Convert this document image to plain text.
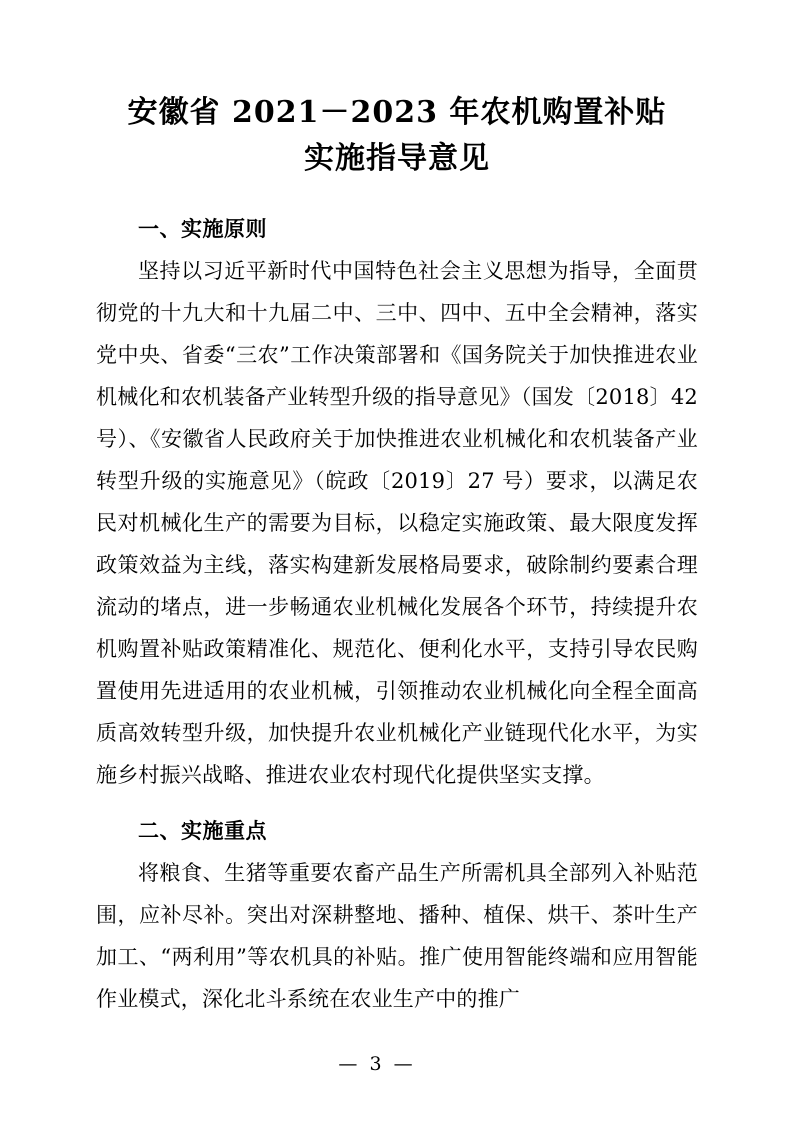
安徽省 2021－2023 年农机购置补贴
实施指导意见
一、实施原则

坚持以习近平新时代中国特色社会主义思想为指导，全面贯彻党的十九大和十九届二中、三中、四中、五中全会精神，落实党中央、省委“三农”工作决策部署和《国务院关于加快推进农业机械化和农机装备产业转型升级的指导意见》（国发〔2018〕42 号）、《安徽省人民政府关于加快推进农业机械化和农机装备产业转型升级的实施意见》（皖政〔2019〕27 号）要求，以满足农民对机械化生产的需要为目标，以稳定实施政策、最大限度发挥政策效益为主线，落实构建新发展格局要求，破除制约要素合理流动的堵点，进一步畅通农业机械化发展各个环节，持续提升农机购置补贴政策精准化、规范化、便利化水平，支持引导农民购置使用先进适用的农业机械，引领推动农业机械化向全程全面高质高效转型升级，加快提升农业机械化产业链现代化水平，为实施乡村振兴战略、推进农业农村现代化提供坚实支撑。

二、实施重点

将粮食、生猪等重要农畜产品生产所需机具全部列入补贴范围，应补尽补。突出对深耕整地、播种、植保、烘干、茶叶生产加工、“两利用”等农机具的补贴。推广使用智能终端和应用智能作业模式，深化北斗系统在农业生产中的推广

— 3 —
